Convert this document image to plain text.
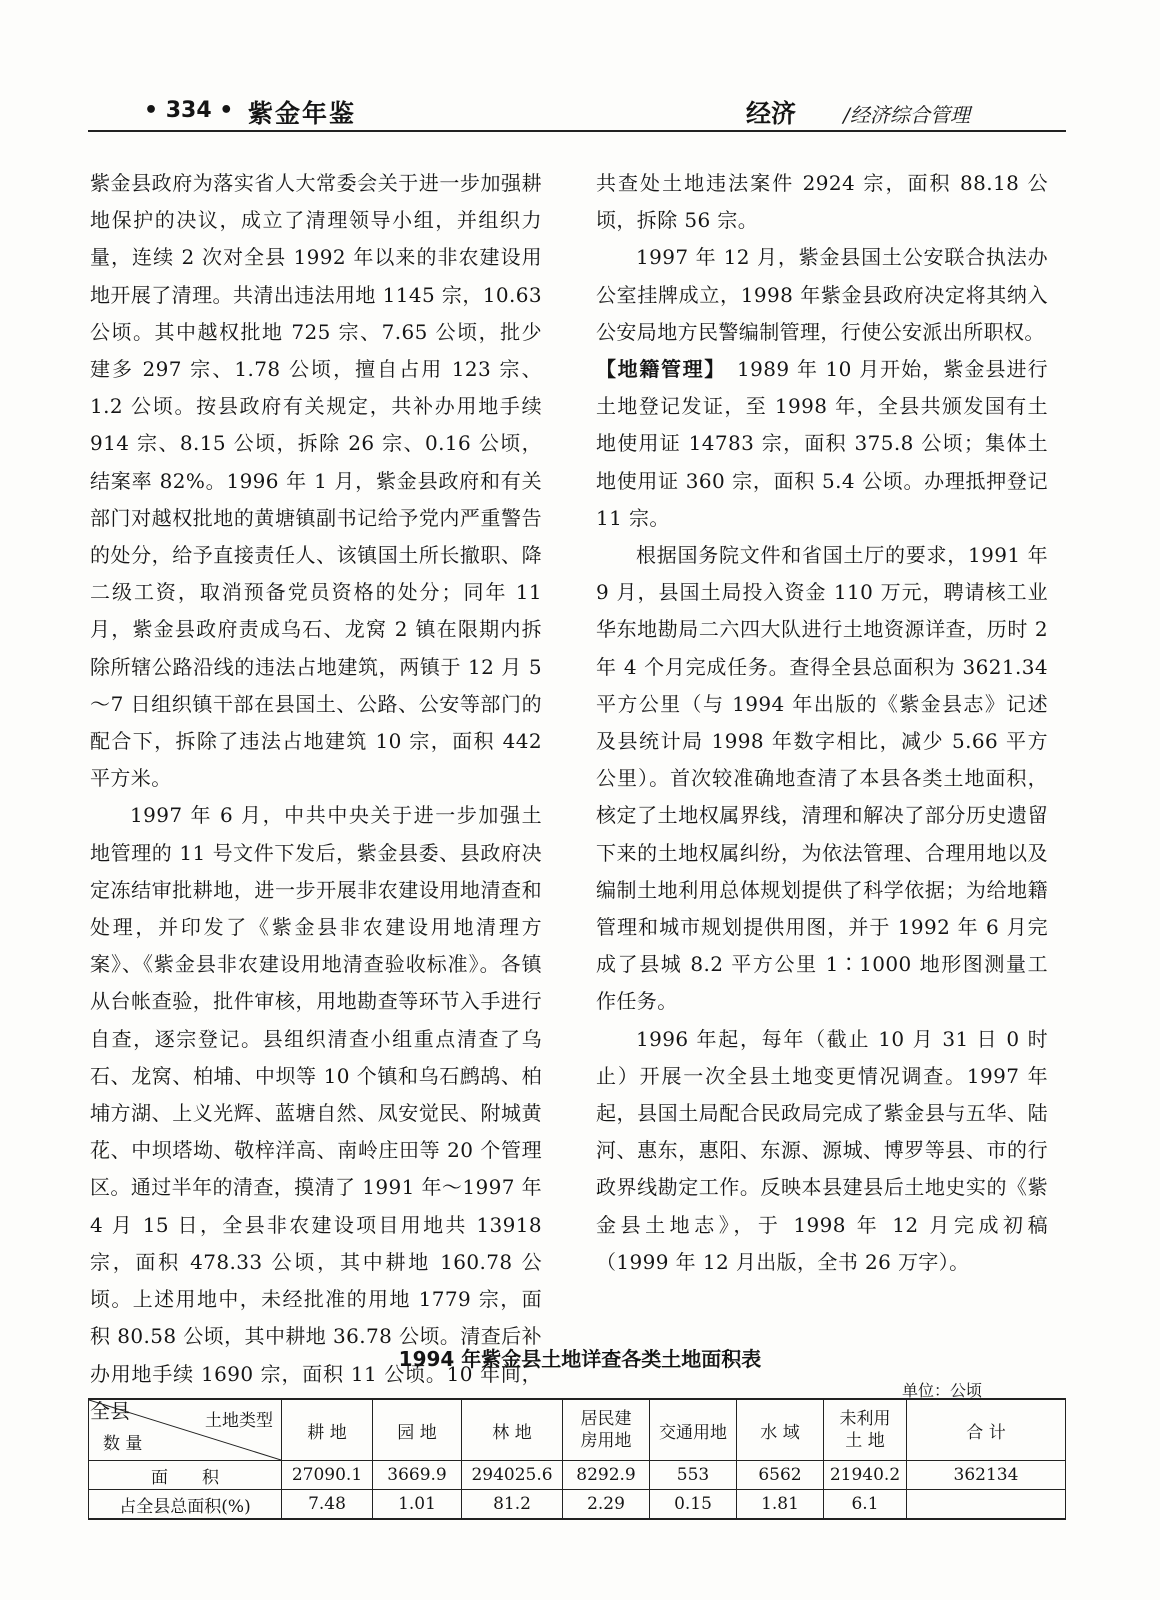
• 334 • 紫金年鉴	经济 /经济综合管理

紫金县政府为落实省人大常委会关于进一步加强耕地保护的决议，成立了清理领导小组，并组织力量，连续 2 次对全县 1992 年以来的非农建设用地开展了清理。共清出违法用地 1145 宗，10.63 公顷。其中越权批地 725 宗、7.65 公顷，批少建多 297 宗、1.78 公顷，擅自占用 123 宗、1.2 公顷。按县政府有关规定，共补办用地手续 914 宗、8.15 公顷，拆除 26 宗、0.16 公顷，结案率 82%。1996 年 1 月，紫金县政府和有关部门对越权批地的黄塘镇副书记给予党内严重警告的处分，给予直接责任人、该镇国土所长撤职、降二级工资，取消预备党员资格的处分；同年 11 月，紫金县政府责成乌石、龙窝 2 镇在限期内拆除所辖公路沿线的违法占地建筑，两镇于 12 月 5～7 日组织镇干部在县国土、公路、公安等部门的配合下，拆除了违法占地建筑 10 宗，面积 442 平方米。

1997 年 6 月，中共中央关于进一步加强土地管理的 11 号文件下发后，紫金县委、县政府决定冻结审批耕地，进一步开展非农建设用地清查和处理，并印发了《紫金县非农建设用地清理方案》、《紫金县非农建设用地清查验收标准》。各镇从台帐查验，批件审核，用地勘查等环节入手进行自查，逐宗登记。县组织清查小组重点清查了乌石、龙窝、柏埔、中坝等 10 个镇和乌石鹧鸪、柏埔方湖、上义光辉、蓝塘自然、凤安觉民、附城黄花、中坝塔坳、敬梓洋高、南岭庄田等 20 个管理区。通过半年的清查，摸清了 1991 年～1997 年 4 月 15 日，全县非农建设项目用地共 13918 宗，面积 478.33 公顷，其中耕地 160.78 公顷。上述用地中，未经批准的用地 1779 宗，面积 80.58 公顷，其中耕地 36.78 公顷。清查后补办用地手续 1690 宗，面积 11 公顷。10 年间，全县

共查处土地违法案件 2924 宗，面积 88.18 公顷，拆除 56 宗。

1997 年 12 月，紫金县国土公安联合执法办公室挂牌成立，1998 年紫金县政府决定将其纳入公安局地方民警编制管理，行使公安派出所职权。

【地籍管理】　1989 年 10 月开始，紫金县进行土地登记发证，至 1998 年，全县共颁发国有土地使用证 14783 宗，面积 375.8 公顷；集体土地使用证 360 宗，面积 5.4 公顷。办理抵押登记 11 宗。

根据国务院文件和省国土厅的要求，1991 年 9 月，县国土局投入资金 110 万元，聘请核工业华东地勘局二六四大队进行土地资源详查，历时 2 年 4 个月完成任务。查得全县总面积为 3621.34 平方公里（与 1994 年出版的《紫金县志》记述及县统计局 1998 年数字相比，减少 5.66 平方公里）。首次较准确地查清了本县各类土地面积，核定了土地权属界线，清理和解决了部分历史遗留下来的土地权属纠纷，为依法管理、合理用地以及编制土地利用总体规划提供了科学依据；为给地籍管理和城市规划提供用图，并于 1992 年 6 月完成了县城 8.2 平方公里 1∶1000 地形图测量工作任务。

1996 年起，每年（截止 10 月 31 日 0 时止）开展一次全县土地变更情况调查。1997 年起，县国土局配合民政局完成了紫金县与五华、陆河、惠东，惠阳、东源、源城、博罗等县、市的行政界线勘定工作。反映本县建县后土地史实的《紫金县土地志》，于 1998 年 12 月完成初稿（1999 年 12 月出版，全书 26 万字）。

1994 年紫金县土地详查各类土地面积表
单位：公顷
土地类型
数 量	耕 地	园 地	林 地	居民建房用地	交通用地	水 域	未利用土 地	合 计
面　　积	27090.1	3669.9	294025.6	8292.9	553	6562	21940.2	362134
占全县总面积(%)	7.48	1.01	81.2	2.29	0.15	1.81	6.1	
